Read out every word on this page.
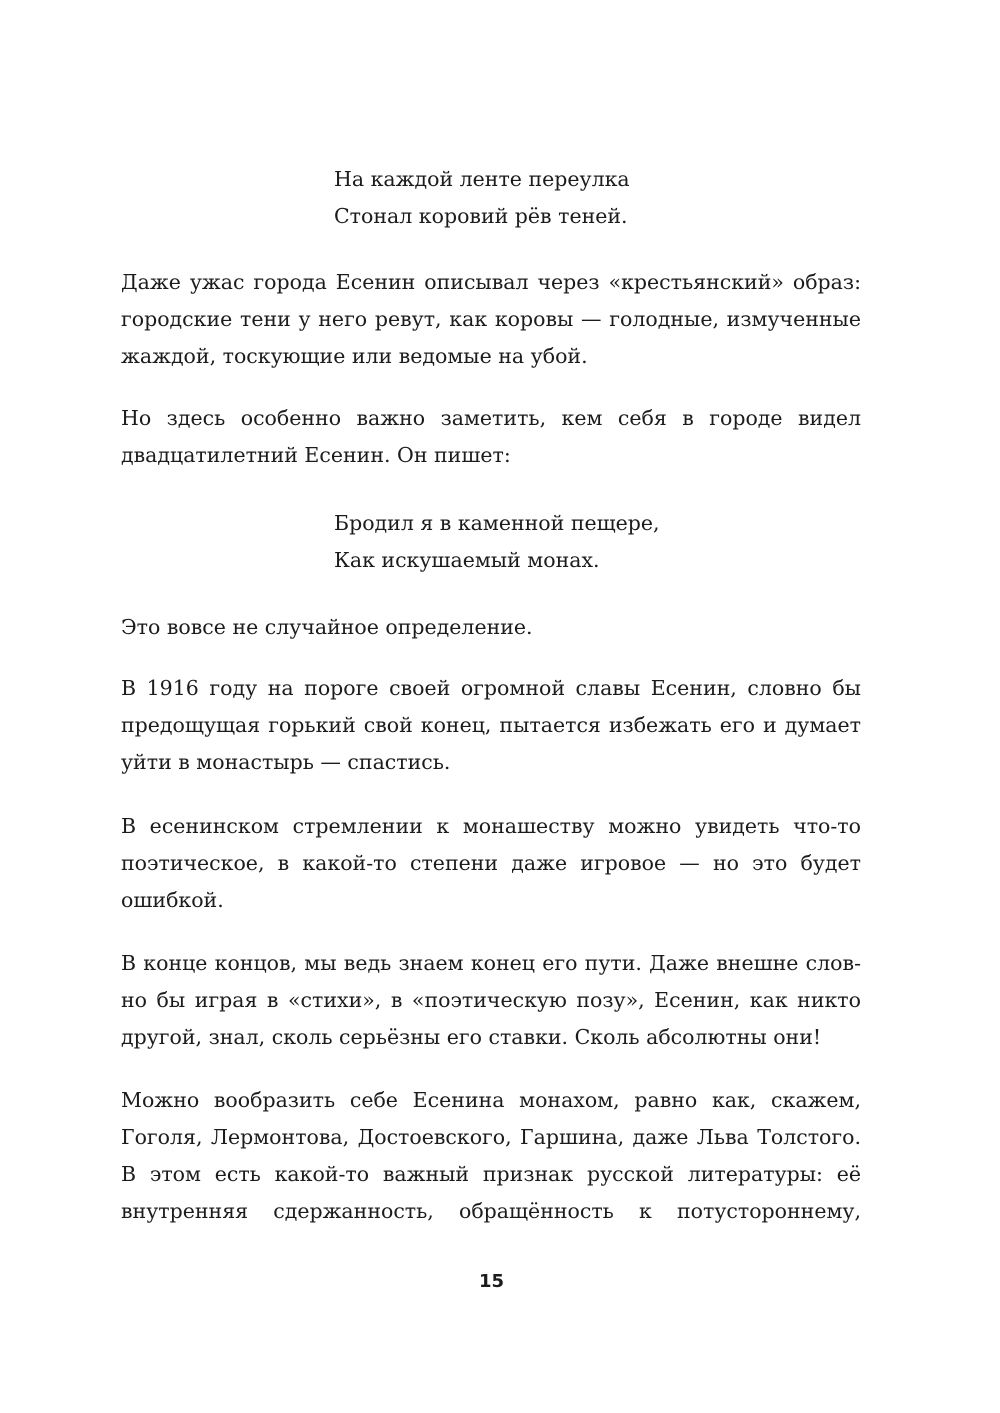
На каждой ленте переулка
Стонал коровий рёв теней.
Даже ужас города Есенин описывал через «крестьянский» образ:
городские тени у него ревут, как коровы — голодные, измученные
жаждой, тоскующие или ведомые на убой.
Но здесь особенно важно заметить, кем себя в городе видел
двадцатилетний Есенин. Он пишет:
Бродил я в каменной пещере,
Как искушаемый монах.
Это вовсе не случайное определение.
В 1916 году на пороге своей огромной славы Есенин, словно бы
предощущая горький свой конец, пытается избежать его и думает
уйти в монастырь — спастись.
В есенинском стремлении к монашеству можно увидеть что-то
поэтическое, в какой-то степени даже игровое — но это будет
ошибкой.
В конце концов, мы ведь знаем конец его пути. Даже внешне слов-
но бы играя в «стихи», в «поэтическую позу», Есенин, как никто
другой, знал, сколь серьёзны его ставки. Сколь абсолютны они!
Можно вообразить себе Есенина монахом, равно как, скажем,
Гоголя, Лермонтова, Достоевского, Гаршина, даже Льва Толстого.
В этом есть какой-то важный признак русской литературы: её
внутренняя сдержанность, обращённость к потустороннему,
15
